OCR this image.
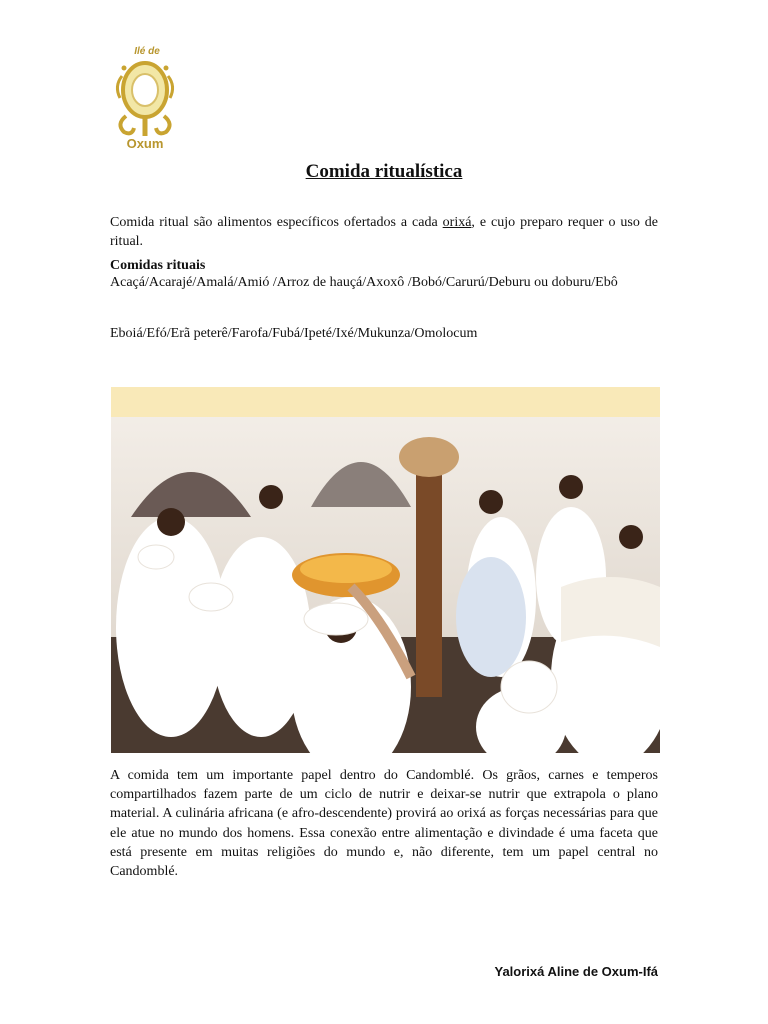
Ilé de
Oxum
Comida ritualística

Comida ritual são alimentos específicos ofertados a cada orixá, e cujo preparo requer o uso de ritual.

Comidas rituais

Acaçá/Acarajé/Amalá/Amió /Arroz de hauçá/Axoxô /Bobó/Carurú/Deburu ou doburu/Ebô

Eboiá/Efó/Erã peterê/Farofa/Fubá/Ipeté/Ixé/Mukunza/Omolocum

A comida tem um importante papel dentro do Candomblé. Os grãos, carnes e temperos compartilhados fazem parte de um ciclo de nutrir e deixar-se nutrir que extrapola o plano material. A culinária africana (e afro-descendente) provirá ao orixá as forças necessárias para que ele atue no mundo dos homens. Essa conexão entre alimentação e divindade é uma faceta que está presente em muitas religiões do mundo e, não diferente, tem um papel central no Candomblé.

Yalorixá Aline de Oxum-Ifá
